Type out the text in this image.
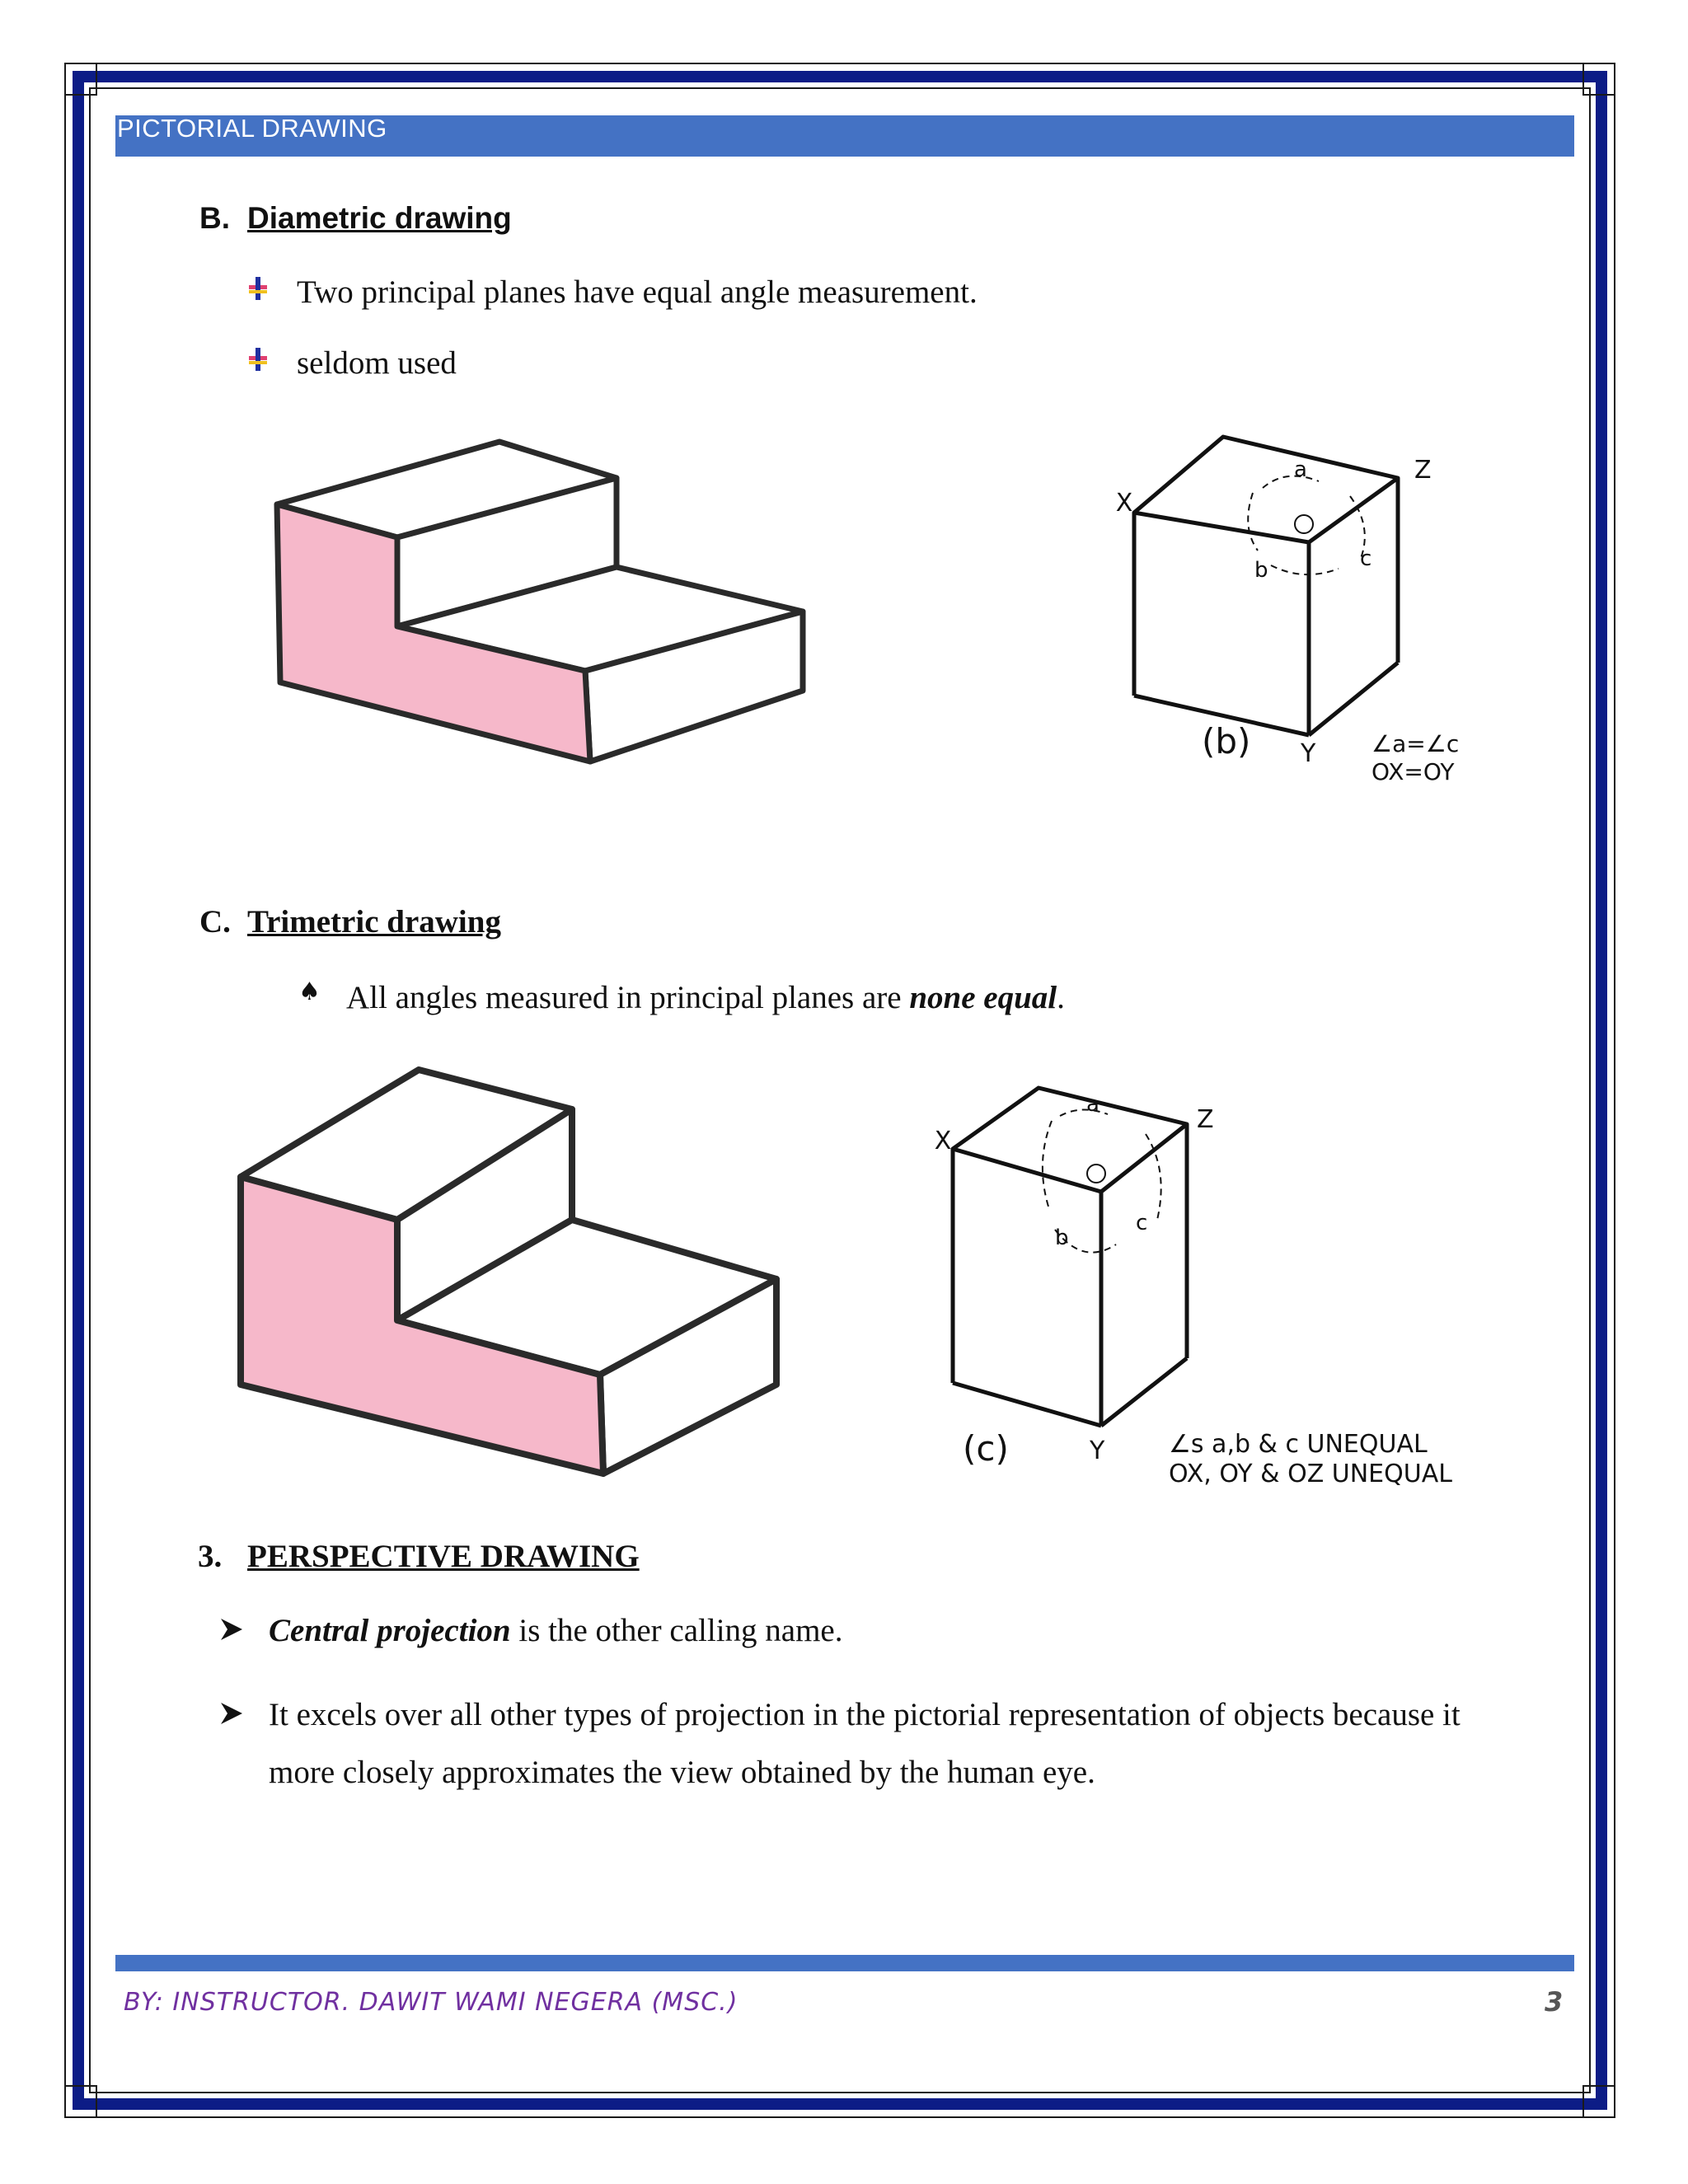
PICTORIAL DRAWING
B. Diametric drawing
Two principal planes have equal angle measurement.
seldom used
X
Z
Y
a
b	c
(b)	∠a=∠c
OX=OY
C. Trimetric drawing
♠ All angles measured in principal planes are none equal.
X
Z
Y
a
b
c
(c)	∠s a,b & c UNEQUAL
OX, OY & OZ UNEQUAL
3. PERSPECTIVE DRAWING
Central projection is the other calling name.
It excels over all other types of projection in the pictorial representation of objects because it more closely approximates the view obtained by the human eye.
BY: INSTRUCTOR. DAWIT WAMI NEGERA (MSC.)	3
